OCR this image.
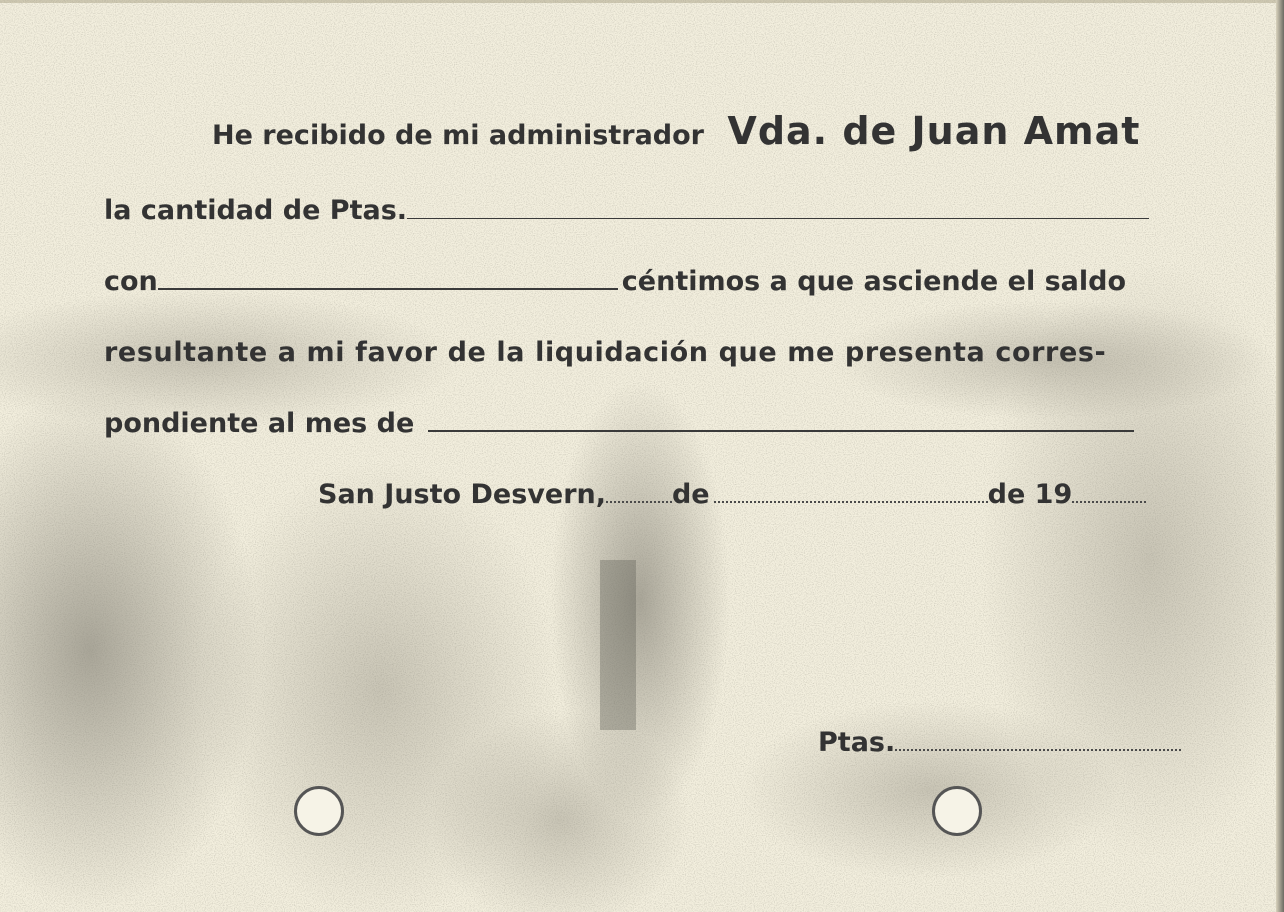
He recibido de mi administrador Vda. de Juan Amat
la cantidad de Ptas.
con	céntimos a que asciende el saldo
resultante a mi favor de la liquidación que me presenta corres-
pondiente al mes de
San Justo Desvern, de	de 19
Ptas.
